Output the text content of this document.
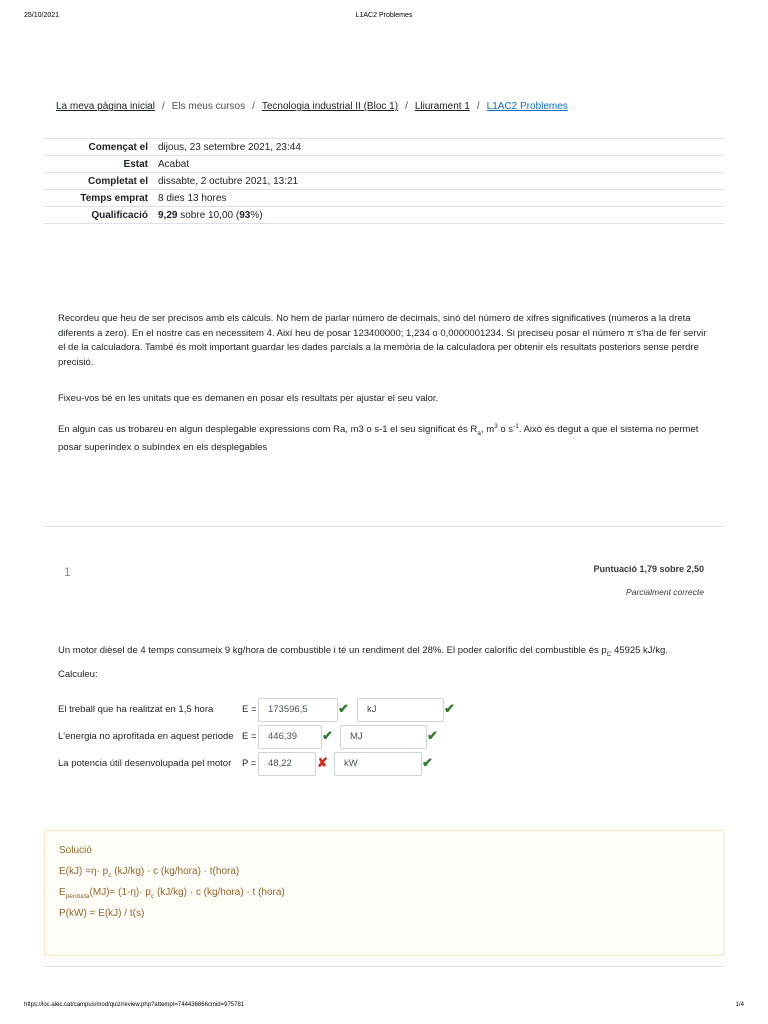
25/10/2021	L1AC2 Problemes
La meva pàgina inicial / Els meus cursos / Tecnologia industrial II (Bloc 1) / Lliurament 1 / L1AC2 Problemes
Començat el	dijous, 23 setembre 2021, 23:44
Estat	Acabat
Completat el	dissabte, 2 octubre 2021, 13:21
Temps emprat	8 dies 13 hores
Qualificació	9,29 sobre 10,00 (93%)

Recordeu que heu de ser precisos amb els càlculs. No hem de parlar número de decimals, sinó del número de xifres significatives (números a la dreta diferents a zero). En el nostre cas en necessitem 4. Així heu de posar 123400000; 1,234 o 0,0000001234. Si preciseu posar el número π s'ha de fer servir el de la calculadora. També és molt important guardar les dades parcials a la memòria de la calculadora per obtenir els resultats posteriors sense perdre precisió.

Fixeu-vos bé en les unitats que es demanen en posar els resultats per ajustar el seu valor.

En algun cas us trobareu en algun desplegable expressions com Ra, m3 o s-1 el seu significat és $R_a$, $m^3$ o $s^{-1}$. Això és degut a que el sistema no permet posar superíndex o subíndex en els desplegables

1	Puntuació 1,79 sobre 2,50
Parcialment correcte
Un motor dièsel de 4 temps consumeix 9 kg/hora de combustible i té un rendiment del 28%. El poder calorífic del combustible és $p_C$ 45925 kJ/kg.
Calculeu:
El treball que ha realitzat en 1,5 hora	E =	173596,5	✔	kJ	✔
L'energia no aprofitada en aquest periode E =	446,39	✔	MJ	✔
La potencia útil desenvolupada pel motor P =	48,22	✘	kW	✔
Solució
$E(kJ) =\eta\cdot p_c$ (kJ/kg) · c (kg/hora) · t(hora)
$E_{perduda}(MJ)= (1-\eta)\cdot p_c$ (kJ/kg) · c (kg/hora) · t (hora)
P(kW) = E(kJ) / t(s)
https://loc.alec.cat/campus/mod/quiz/review.php?attempt=744436866cmid=975781	1/4
